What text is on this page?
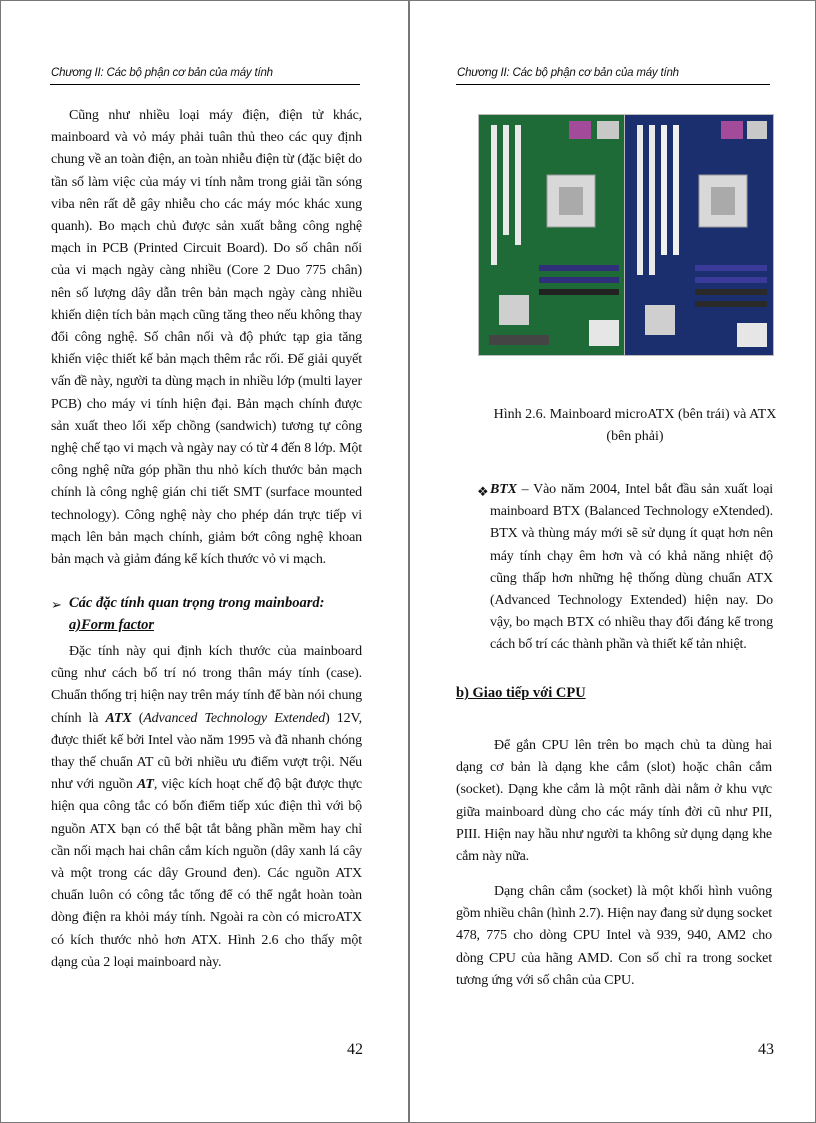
Chương II: Các bộ phận cơ bản của máy tính

Cũng như nhiều loại máy điện, điện tử khác, mainboard và vỏ máy phải tuân thủ theo các quy định chung về an toàn điện, an toàn nhiễu điện từ (đặc biệt do tần số làm việc của máy vi tính nằm trong giải tần sóng viba nên rất dễ gây nhiễu cho các máy móc khác xung quanh). Bo mạch chủ được sản xuất bằng công nghệ mạch in PCB (Printed Circuit Board). Do số chân nối của vi mạch ngày càng nhiều (Core 2 Duo 775 chân) nên số lượng dây dẫn trên bản mạch ngày càng nhiều khiến diện tích bản mạch cũng tăng theo nếu không thay đổi công nghệ. Số chân nối và độ phức tạp gia tăng khiến việc thiết kế bản mạch thêm rắc rối. Để giải quyết vấn đề này, người ta dùng mạch in nhiều lớp (multi layer PCB) cho máy vi tính hiện đại. Bản mạch chính được sản xuất theo lối xếp chồng (sandwich) tương tự công nghệ chế tạo vi mạch và ngày nay có từ 4 đến 8 lớp. Một công nghệ nữa góp phần thu nhỏ kích thước bản mạch chính là công nghệ gián chi tiết SMT (surface mounted technology). Công nghệ này cho phép dán trực tiếp vi mạch lên bản mạch chính, giảm bớt công nghệ khoan bản mạch và giảm đáng kể kích thước vỏ vi mạch.

➢ Các đặc tính quan trọng trong mainboard:
a)Form factor

Đặc tính này qui định kích thước của mainboard cũng như cách bố trí nó trong thân máy tính (case). Chuẩn thống trị hiện nay trên máy tính để bàn nói chung chính là ATX (Advanced Technology Extended) 12V, được thiết kế bởi Intel vào năm 1995 và đã nhanh chóng thay thế chuẩn AT cũ bởi nhiều ưu điểm vượt trội. Nếu như với nguồn AT, việc kích hoạt chế độ bật được thực hiện qua công tắc có bốn điểm tiếp xúc điện thì với bộ nguồn ATX bạn có thể bật tắt bằng phần mềm hay chỉ cần nối mạch hai chân cắm kích nguồn (dây xanh lá cây và một trong các dây Ground đen). Các nguồn ATX chuẩn luôn có công tắc tổng để có thể ngắt hoàn toàn dòng điện ra khỏi máy tính. Ngoài ra còn có microATX có kích thước nhỏ hơn ATX. Hình 2.6 cho thấy một dạng của 2 loại mainboard này.

42
Chương II: Các bộ phận cơ bản của máy tính
Hình 2.6. Mainboard microATX (bên trái) và ATX (bên phải)
❖ BTX – Vào năm 2004, Intel bắt đầu sản xuất loại mainboard BTX (Balanced Technology eXtended). BTX và thùng máy mới sẽ sử dụng ít quạt hơn nên máy tính chạy êm hơn và có khả năng nhiệt độ cũng thấp hơn những hệ thống dùng chuẩn ATX (Advanced Technology Extended) hiện nay. Do vậy, bo mạch BTX có nhiều thay đổi đáng kể trong cách bố trí các thành phần và thiết kế tản nhiệt.

b) Giao tiếp với CPU

Để gắn CPU lên trên bo mạch chủ ta dùng hai dạng cơ bản là dạng khe cắm (slot) hoặc chân cắm (socket). Dạng khe cắm là một rãnh dài nằm ở khu vực giữa mainboard dùng cho các máy tính đời cũ như PII, PIII. Hiện nay hầu như người ta không sử dụng dạng khe cắm này nữa.

Dạng chân cắm (socket) là một khối hình vuông gồm nhiều chân (hình 2.7). Hiện nay đang sử dụng socket 478, 775 cho dòng CPU Intel và 939, 940, AM2 cho dòng CPU của hãng AMD. Con số chỉ ra trong socket tương ứng với số chân của CPU.

43
